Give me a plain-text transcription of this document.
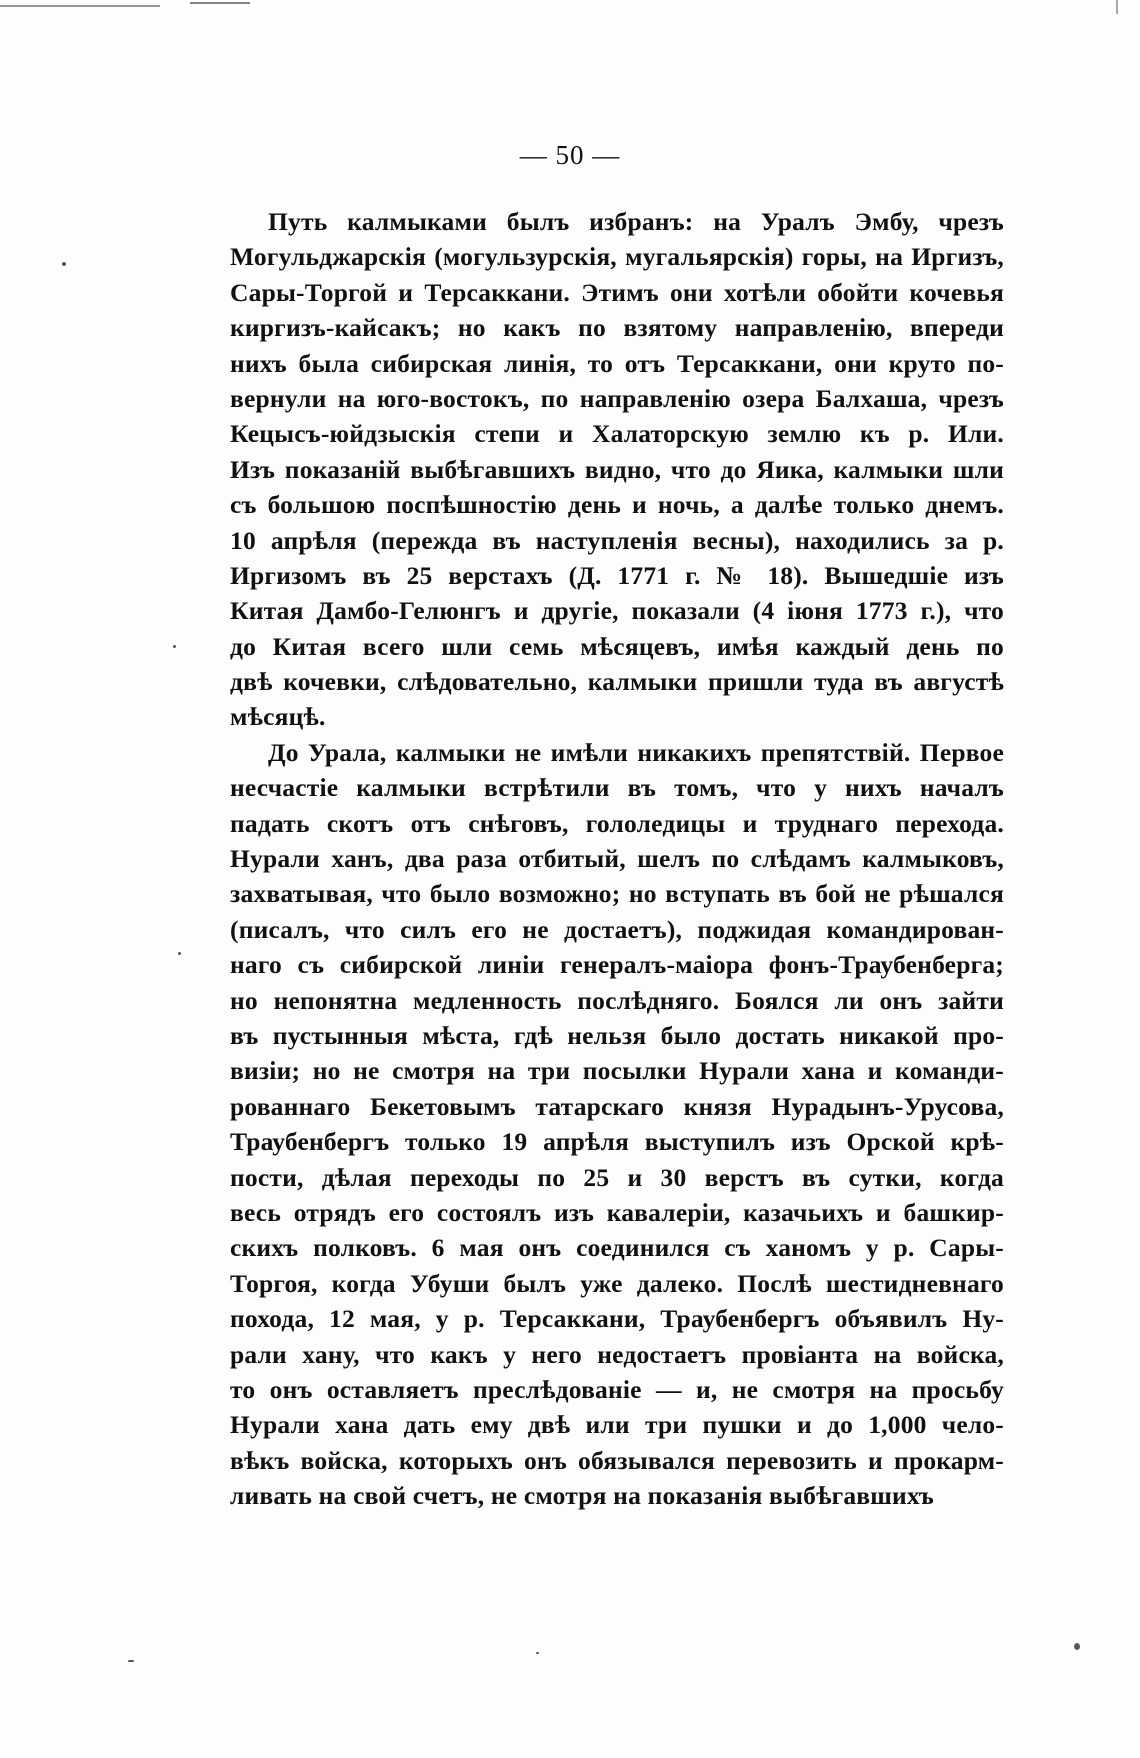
— 50 —
Путь калмыками былъ избранъ: на Уралъ Эмбу, чрезъ
Могульджарскія (могульзурскія, мугальярскія) горы, на Иргизъ,
Сары-Торгой и Терсаккани. Этимъ они хотѣли обойти кочевья
киргизъ-кайсакъ; но какъ по взятому направленію, впереди
нихъ была сибирская линія, то отъ Терсаккани, они круто по-
вернули на юго-востокъ, по направленію озера Балхаша, чрезъ
Кецысъ-юйдзыскія степи и Халаторскую землю къ р. Или.
Изъ показаній выбѣгавшихъ видно, что до Яика, калмыки шли
съ большою поспѣшностію день и ночь, а далѣе только днемъ.
10 апрѣля (пережда въ наступленія весны), находились за р.
Иргизомъ въ 25 верстахъ (Д. 1771 г. № 18). Вышедшіе изъ
Китая Дамбо-Гелюнгъ и другіе, показали (4 іюня 1773 г.), что
до Китая всего шли семь мѣсяцевъ, имѣя каждый день по
двѣ кочевки, слѣдовательно, калмыки пришли туда въ августѣ
мѣсяцѣ.
До Урала, калмыки не имѣли никакихъ препятствій. Первое
несчастіе калмыки встрѣтили въ томъ, что у нихъ началъ
падать скотъ отъ снѣговъ, гололедицы и труднаго перехода.
Нурали ханъ, два раза отбитый, шелъ по слѣдамъ калмыковъ,
захватывая, что было возможно; но вступать въ бой не рѣшался
(писалъ, что силъ его не достаетъ), поджидая командирован-
наго съ сибирской линіи генералъ-маіора фонъ-Траубенберга;
но непонятна медленность послѣдняго. Боялся ли онъ зайти
въ пустынныя мѣста, гдѣ нельзя было достать никакой про-
визіи; но не смотря на три посылки Нурали хана и команди-
рованнаго Бекетовымъ татарскаго князя Нурадынъ-Урусова,
Траубенбергъ только 19 апрѣля выступилъ изъ Орской крѣ-
пости, дѣлая переходы по 25 и 30 верстъ въ сутки, когда
весь отрядъ его состоялъ изъ кавалеріи, казачьихъ и башкир-
скихъ полковъ. 6 мая онъ соединился съ ханомъ у р. Сары-
Торгоя, когда Убуши былъ уже далеко. Послѣ шестидневнаго
похода, 12 мая, у р. Терсаккани, Траубенбергъ объявилъ Ну-
рали хану, что какъ у него недостаетъ провіанта на войска,
то онъ оставляетъ преслѣдованіе — и, не смотря на просьбу
Нурали хана дать ему двѣ или три пушки и до 1,000 чело-
вѣкъ войска, которыхъ онъ обязывался перевозить и прокарм-
ливать на свой счетъ, не смотря на показанія выбѣгавшихъ
